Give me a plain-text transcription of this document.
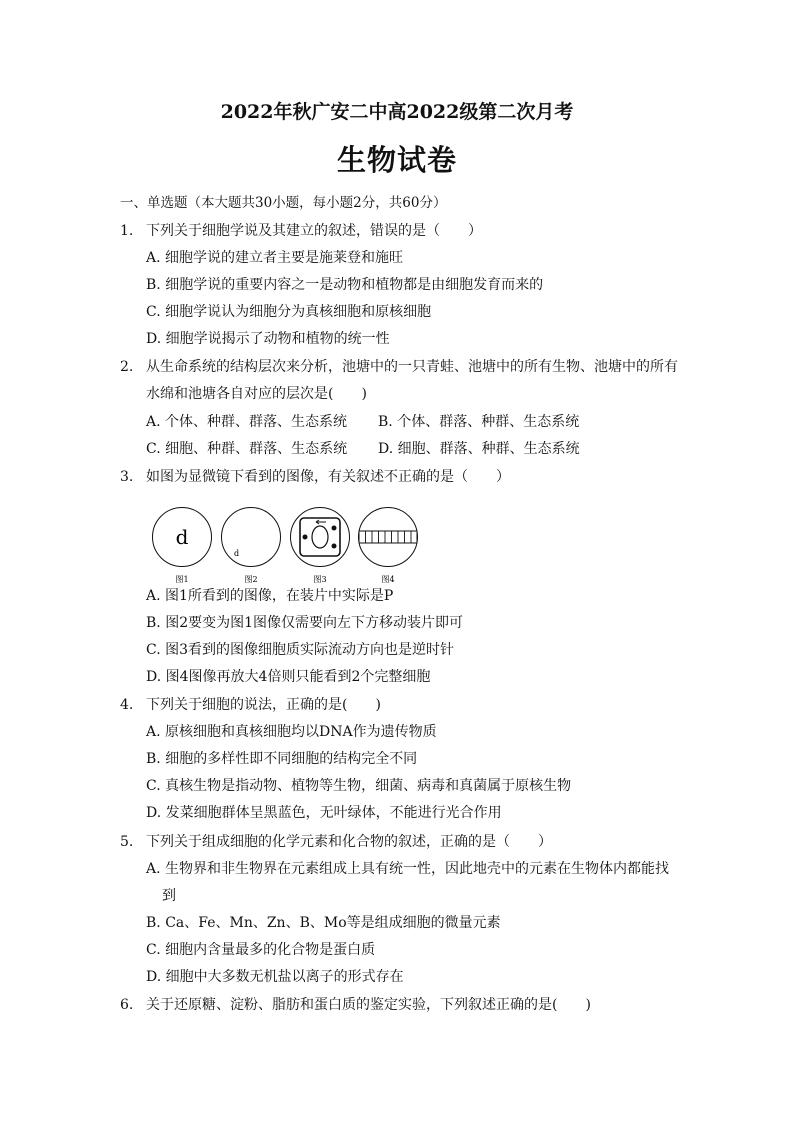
2022年秋广安二中高2022级第二次月考
生物试卷
一、单选题（本大题共30小题，每小题2分，共60分）
1. 下列关于细胞学说及其建立的叙述，错误的是（　　）
A. 细胞学说的建立者主要是施莱登和施旺
B. 细胞学说的重要内容之一是动物和植物都是由细胞发育而来的
C. 细胞学说认为细胞分为真核细胞和原核细胞
D. 细胞学说揭示了动物和植物的统一性
2. 从生命系统的结构层次来分析，池塘中的一只青蛙、池塘中的所有生物、池塘中的所有
水绵和池塘各自对应的层次是(　　)
A. 个体、种群、群落、生态系统 B. 个体、群落、种群、生态系统
C. 细胞、种群、群落、生态系统 D. 细胞、群落、种群、生态系统
3. 如图为显微镜下看到的图像，有关叙述不正确的是（　　）
d
d
图1	图2	图3	图4
A. 图1所看到的图像，在装片中实际是P
B. 图2要变为图1图像仅需要向左下方移动装片即可
C. 图3看到的图像细胞质实际流动方向也是逆时针
D. 图4图像再放大4倍则只能看到2个完整细胞
4. 下列关于细胞的说法，正确的是(　　)
A. 原核细胞和真核细胞均以DNA作为遗传物质
B. 细胞的多样性即不同细胞的结构完全不同
C. 真核生物是指动物、植物等生物，细菌、病毒和真菌属于原核生物
D. 发菜细胞群体呈黑蓝色，无叶绿体，不能进行光合作用
5. 下列关于组成细胞的化学元素和化合物的叙述，正确的是（　　）
A. 生物界和非生物界在元素组成上具有统一性，因此地壳中的元素在生物体内都能找
到
B. Ca、Fe、Mn、Zn、B、Mo等是组成细胞的微量元素
C. 细胞内含量最多的化合物是蛋白质
D. 细胞中大多数无机盐以离子的形式存在
6. 关于还原糖、淀粉、脂肪和蛋白质的鉴定实验，下列叙述正确的是(　　)
